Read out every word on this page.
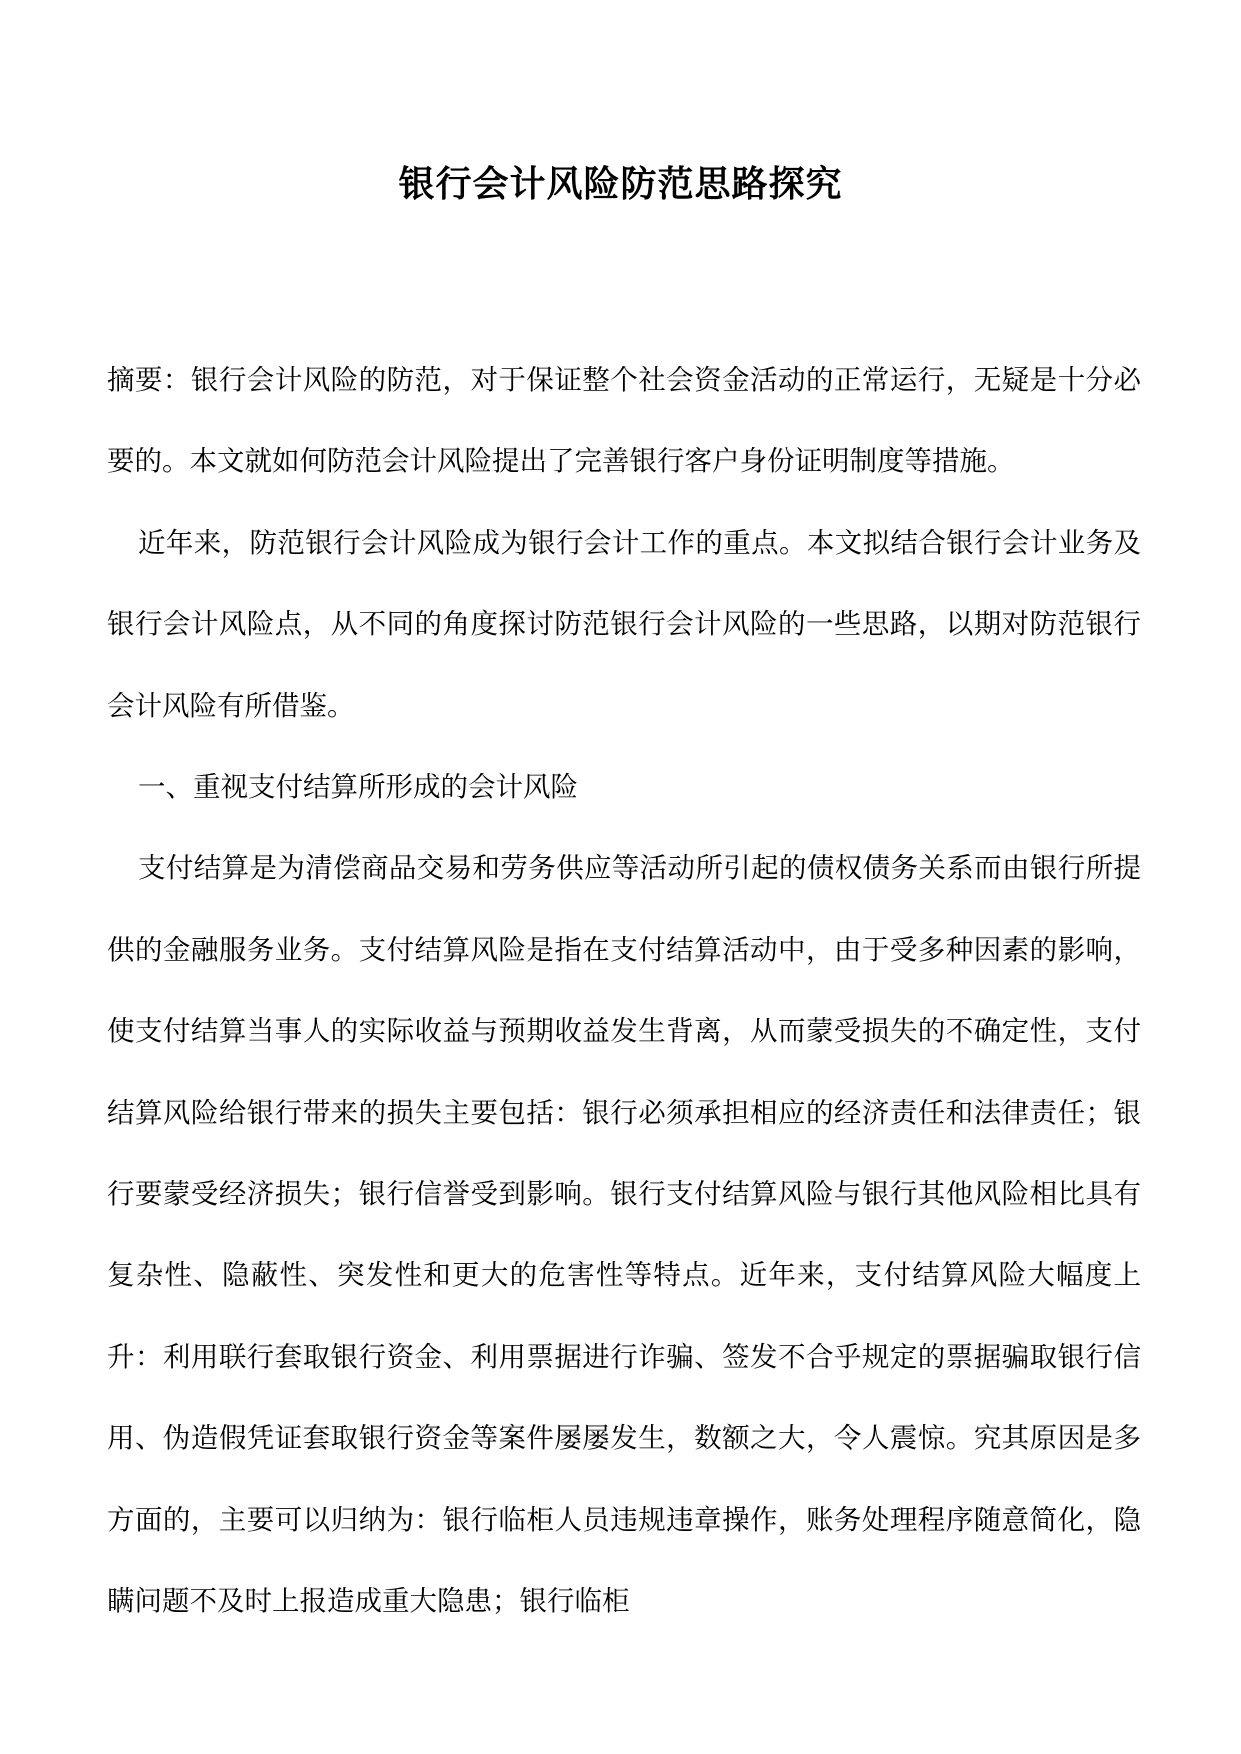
银行会计风险防范思路探究

摘要：银行会计风险的防范，对于保证整个社会资金活动的正常运行，无疑是十分必要的。本文就如何防范会计风险提出了完善银行客户身份证明制度等措施。

近年来，防范银行会计风险成为银行会计工作的重点。本文拟结合银行会计业务及银行会计风险点，从不同的角度探讨防范银行会计风险的一些思路，以期对防范银行会计风险有所借鉴。

一、重视支付结算所形成的会计风险

支付结算是为清偿商品交易和劳务供应等活动所引起的债权债务关系而由银行所提供的金融服务业务。支付结算风险是指在支付结算活动中，由于受多种因素的影响，使支付结算当事人的实际收益与预期收益发生背离，从而蒙受损失的不确定性，支付结算风险给银行带来的损失主要包括：银行必须承担相应的经济责任和法律责任；银行要蒙受经济损失；银行信誉受到影响。银行支付结算风险与银行其他风险相比具有复杂性、隐蔽性、突发性和更大的危害性等特点。近年来，支付结算风险大幅度上升：利用联行套取银行资金、利用票据进行诈骗、签发不合乎规定的票据骗取银行信用、伪造假凭证套取银行资金等案件屡屡发生，数额之大，令人震惊。究其原因是多方面的，主要可以归纳为：银行临柜人员违规违章操作，账务处理程序随意简化，隐瞒问题不及时上报造成重大隐患；银行临柜
